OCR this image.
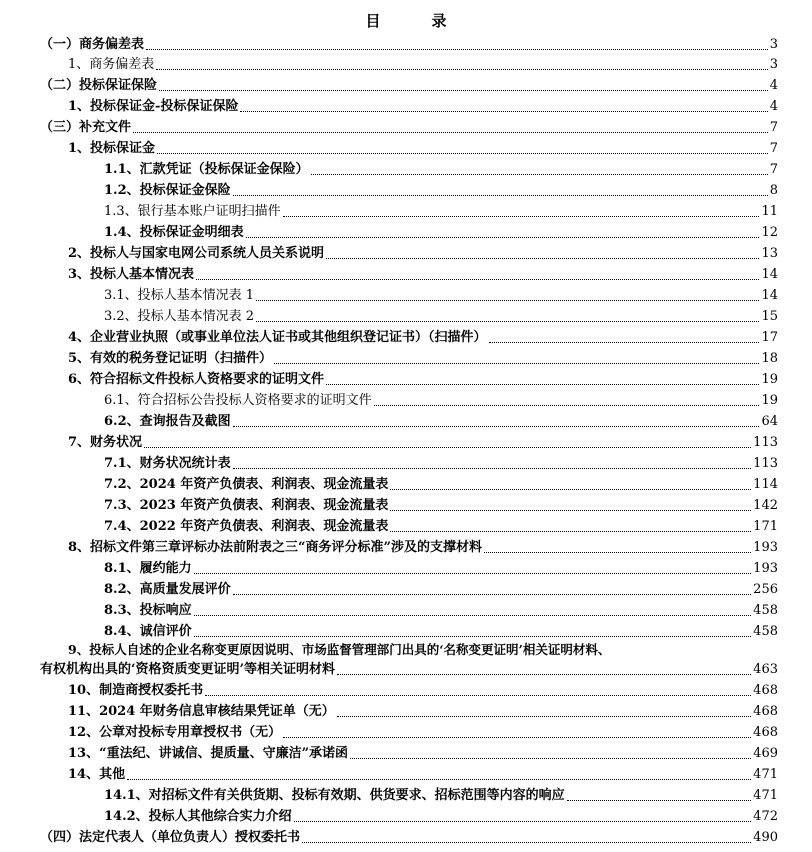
目　录
（一）商务偏差表	3
1、商务偏差表	3
（二）投标保证保险	4
1、投标保证金-投标保证保险	4
（三）补充文件	7
1、投标保证金	7
1.1、汇款凭证（投标保证金保险）	7
1.2、投标保证金保险	8
1.3、银行基本账户证明扫描件	11
1.4、投标保证金明细表	12
2、投标人与国家电网公司系统人员关系说明	13
3、投标人基本情况表	14
3.1、投标人基本情况表 1	14
3.2、投标人基本情况表 2	15
4、企业营业执照（或事业单位法人证书或其他组织登记证书）（扫描件）	17
5、有效的税务登记证明（扫描件）	18
6、符合招标文件投标人资格要求的证明文件	19
6.1、符合招标公告投标人资格要求的证明文件	19
6.2、查询报告及截图	64
7、财务状况	113
7.1、财务状况统计表	113
7.2、2024 年资产负债表、利润表、现金流量表	114
7.3、2023 年资产负债表、利润表、现金流量表	142
7.4、2022 年资产负债表、利润表、现金流量表	171
8、招标文件第三章评标办法前附表之三“商务评分标准”涉及的支撑材料	193
8.1、履约能力	193
8.2、高质量发展评价	256
8.3、投标响应	458
8.4、诚信评价	458
9、投标人自述的企业名称变更原因说明、市场监督管理部门出具的‘名称变更证明’相关证明材料、
有权机构出具的‘资格资质变更证明’等相关证明材料	463
10、制造商授权委托书	468
11、2024 年财务信息审核结果凭证单（无）	468
12、公章对投标专用章授权书（无）	468
13、“重法纪、讲诚信、提质量、守廉洁”承诺函	469
14、其他	471
14.1、对招标文件有关供货期、投标有效期、供货要求、招标范围等内容的响应	471
14.2、投标人其他综合实力介绍	472
（四）法定代表人（单位负责人）授权委托书	490
